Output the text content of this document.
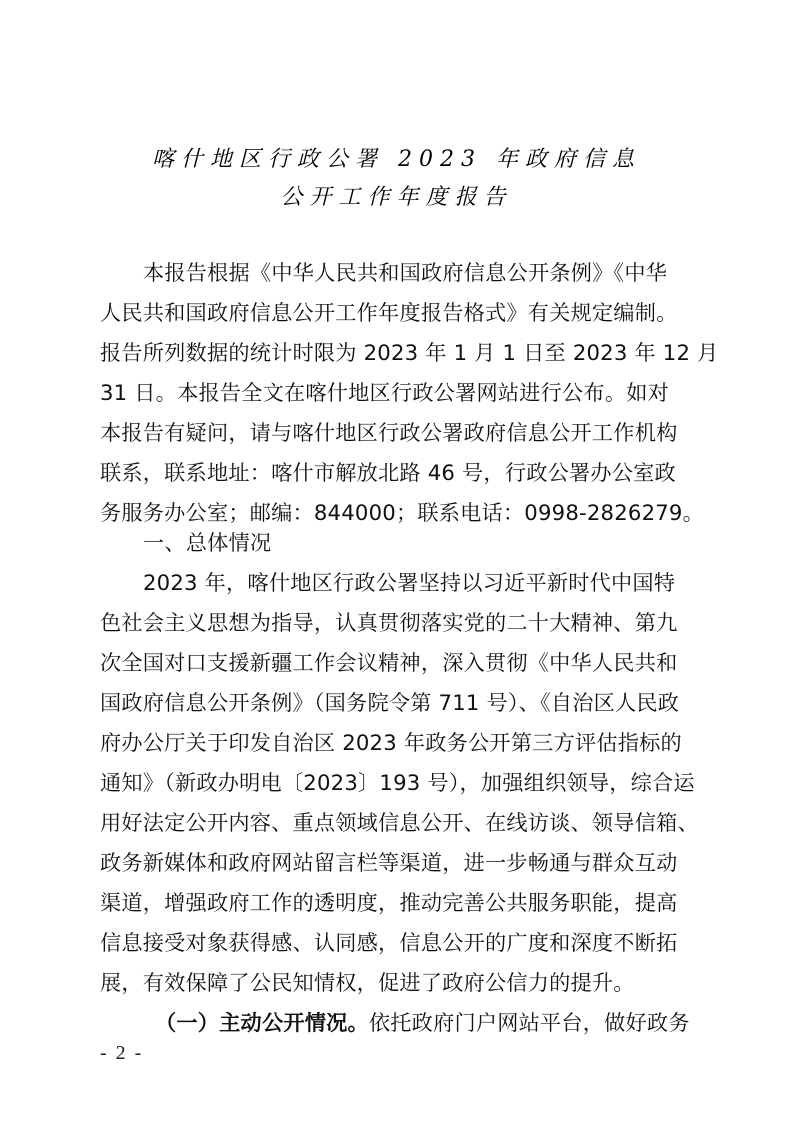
喀什地区行政公署 2023 年政府信息
公开工作年度报告
本报告根据《中华人民共和国政府信息公开条例》《中华
人民共和国政府信息公开工作年度报告格式》有关规定编制。
报告所列数据的统计时限为 2023 年 1 月 1 日至 2023 年 12 月
31 日。本报告全文在喀什地区行政公署网站进行公布。如对
本报告有疑问，请与喀什地区行政公署政府信息公开工作机构
联系，联系地址：喀什市解放北路 46 号，行政公署办公室政
务服务办公室；邮编：844000；联系电话：0998-2826279。
一、总体情况
2023 年，喀什地区行政公署坚持以习近平新时代中国特
色社会主义思想为指导，认真贯彻落实党的二十大精神、第九
次全国对口支援新疆工作会议精神，深入贯彻《中华人民共和
国政府信息公开条例》（国务院令第 711 号）、《自治区人民政
府办公厅关于印发自治区 2023 年政务公开第三方评估指标的
通知》（新政办明电〔2023〕193 号），加强组织领导，综合运
用好法定公开内容、重点领域信息公开、在线访谈、领导信箱、
政务新媒体和政府网站留言栏等渠道，进一步畅通与群众互动
渠道，增强政府工作的透明度，推动完善公共服务职能，提高
信息接受对象获得感、认同感，信息公开的广度和深度不断拓
展，有效保障了公民知情权，促进了政府公信力的提升。
（一）主动公开情况。依托政府门户网站平台，做好政务
- 2 -
